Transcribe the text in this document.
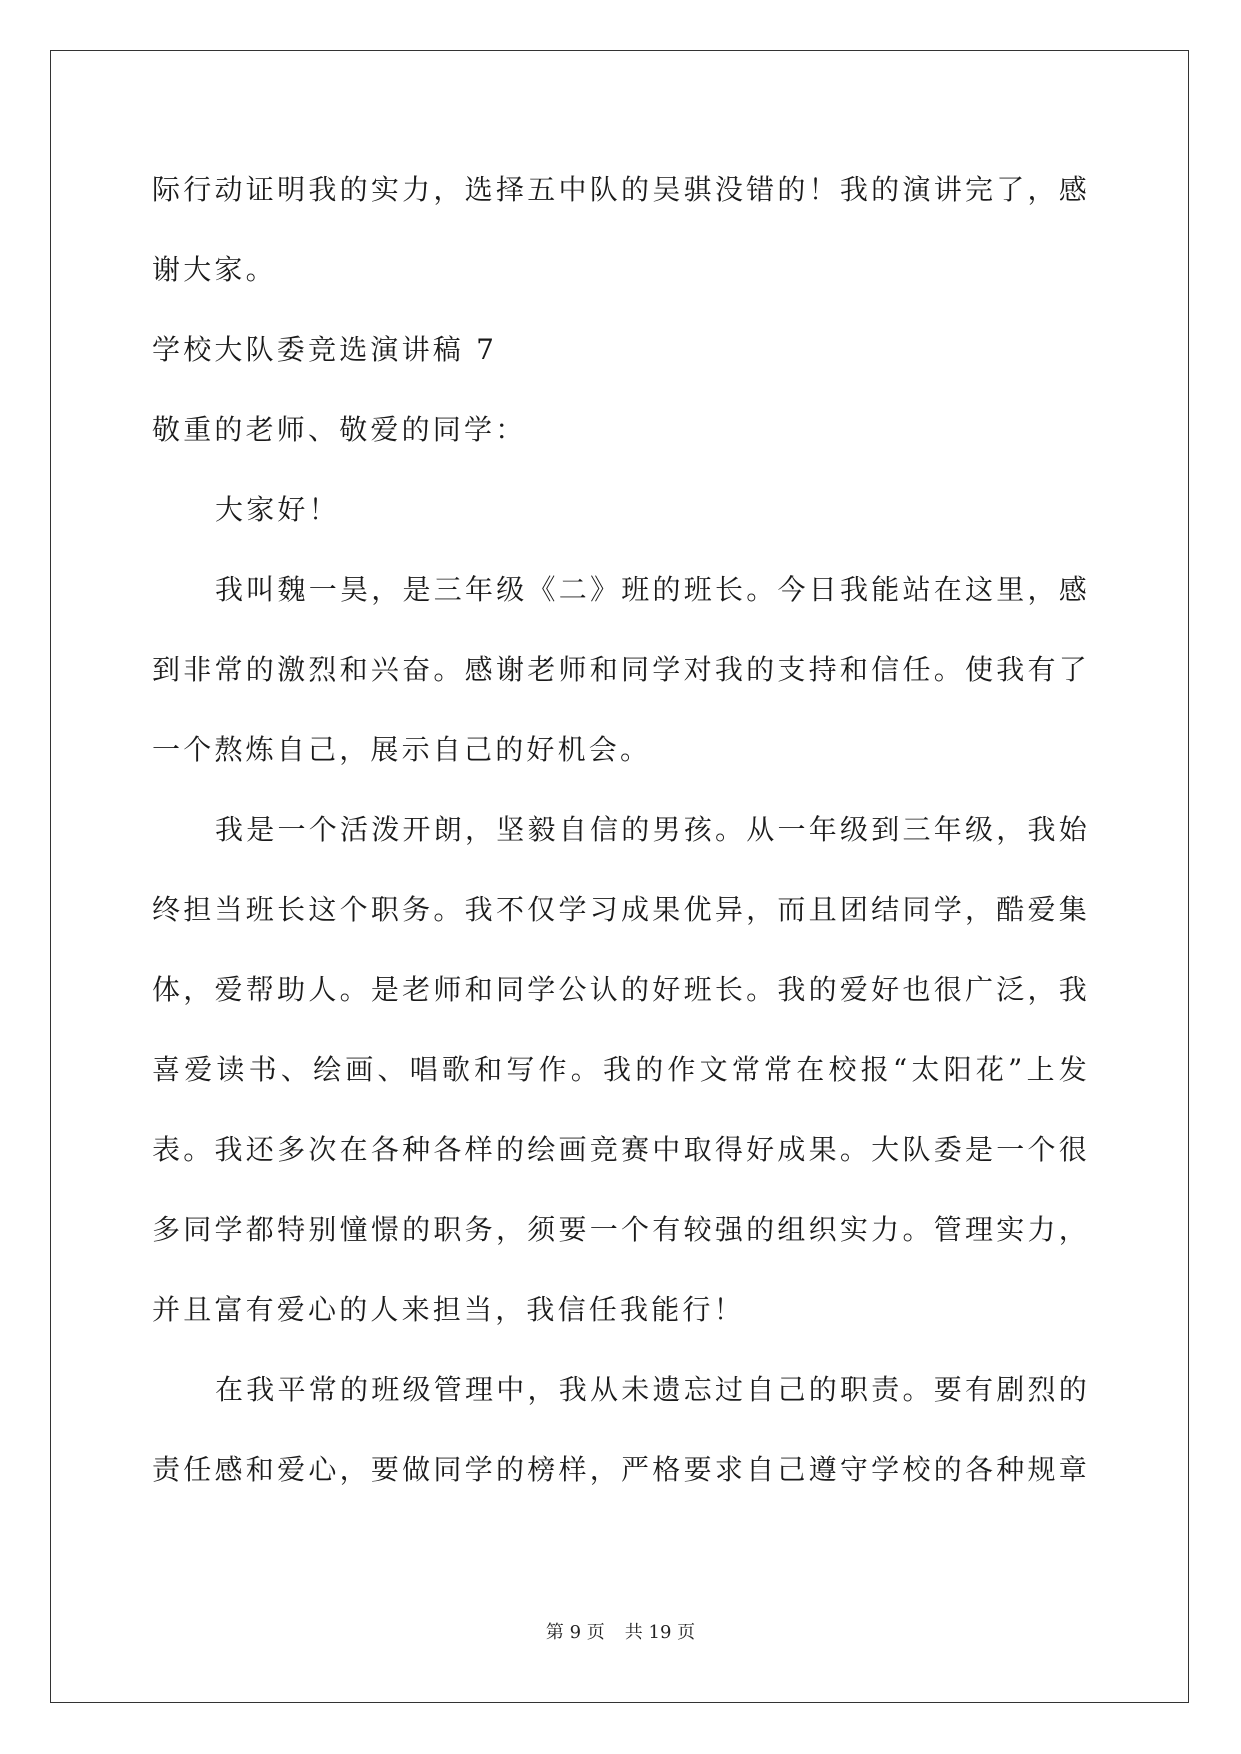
际行动证明我的实力，选择五中队的吴骐没错的！我的演讲完了，感
谢大家。
学校大队委竞选演讲稿 7
敬重的老师、敬爱的同学：
大家好！
我叫魏一昊，是三年级《二》班的班长。今日我能站在这里，感
到非常的激烈和兴奋。感谢老师和同学对我的支持和信任。使我有了
一个熬炼自己，展示自己的好机会。
我是一个活泼开朗，坚毅自信的男孩。从一年级到三年级，我始
终担当班长这个职务。我不仅学习成果优异，而且团结同学，酷爱集
体，爱帮助人。是老师和同学公认的好班长。我的爱好也很广泛，我
喜爱读书、绘画、唱歌和写作。我的作文常常在校报“太阳花”上发
表。我还多次在各种各样的绘画竞赛中取得好成果。大队委是一个很
多同学都特别憧憬的职务，须要一个有较强的组织实力。管理实力，
并且富有爱心的人来担当，我信任我能行！
在我平常的班级管理中，我从未遗忘过自己的职责。要有剧烈的
责任感和爱心，要做同学的榜样，严格要求自己遵守学校的各种规章
第 9 页 共 19 页
